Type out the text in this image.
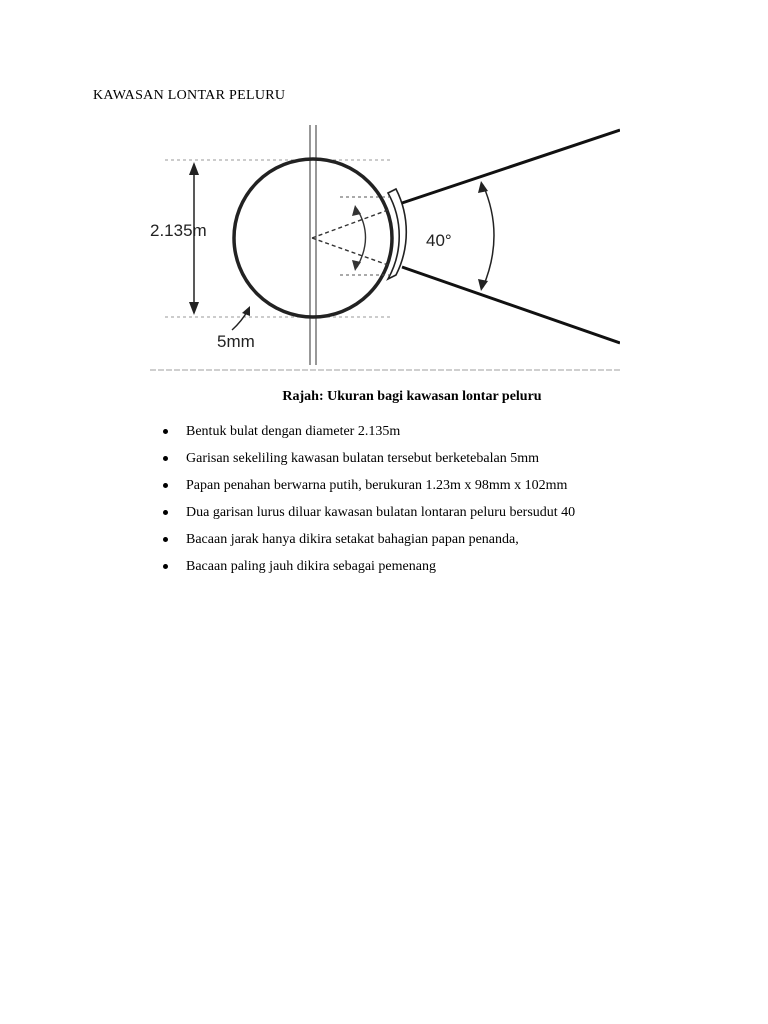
KAWASAN LONTAR PELURU
2.135m
40°
5mm

Rajah: Ukuran bagi kawasan lontar peluru

Bentuk bulat dengan diameter 2.135m
Garisan sekeliling kawasan bulatan tersebut berketebalan 5mm
Papan penahan berwarna putih, berukuran 1.23m x 98mm x 102mm
Dua garisan lurus diluar kawasan bulatan lontaran peluru bersudut 40
Bacaan jarak hanya dikira setakat bahagian papan penanda,
Bacaan paling jauh dikira sebagai pemenang
